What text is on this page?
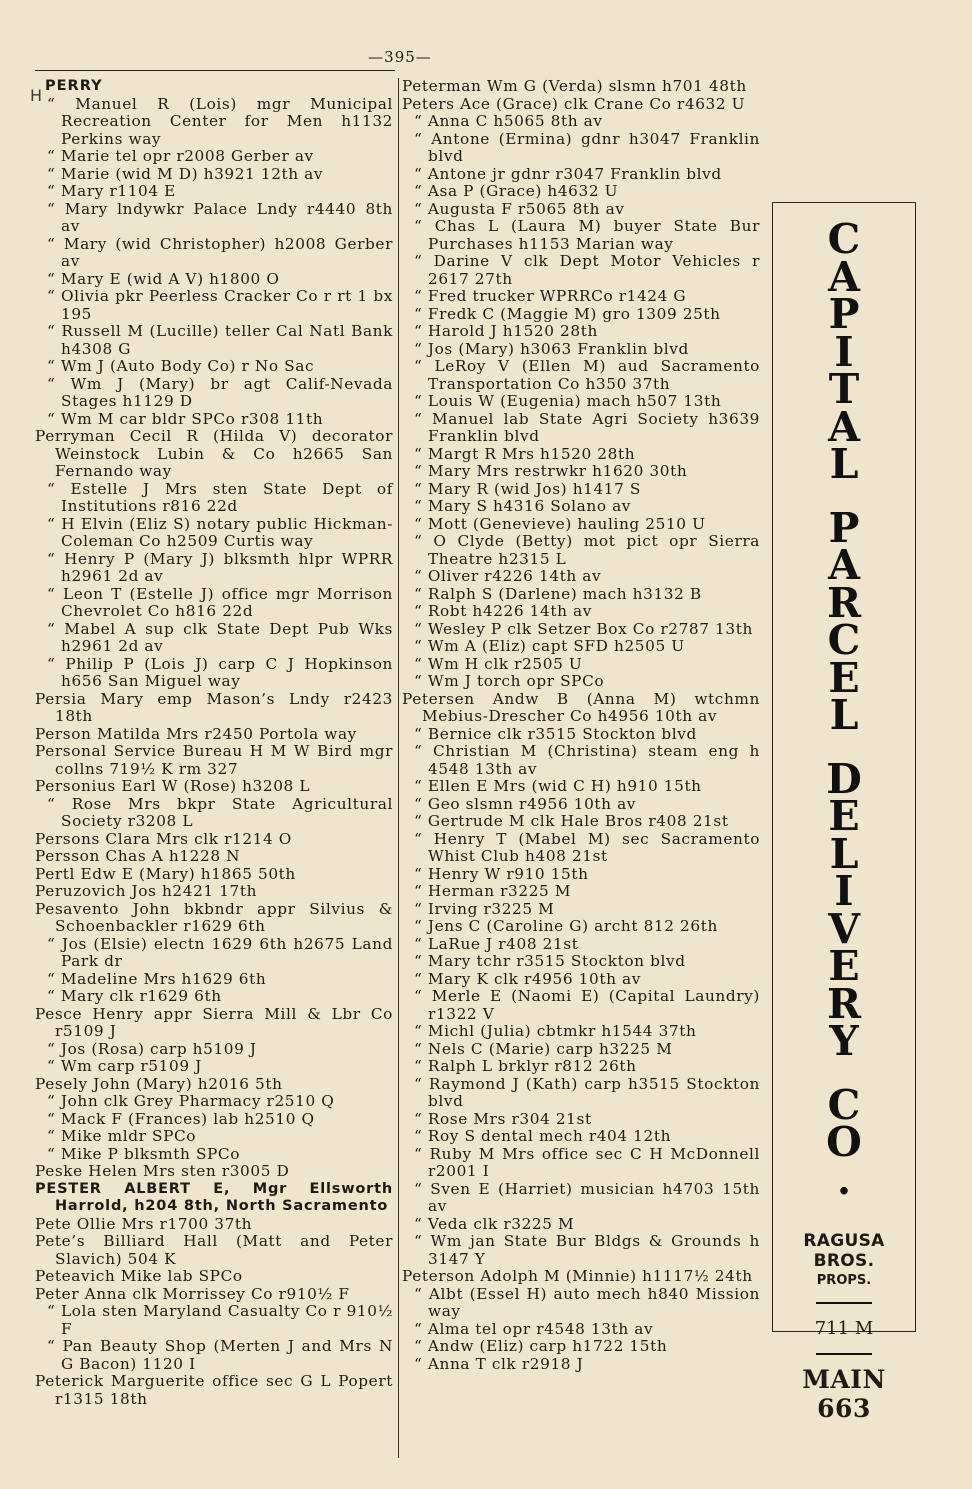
—395—
H PERRY
“ Manuel R (Lois) mgr Municipal Recreation Center for Men h1132 Perkins way
“ Marie tel opr r2008 Gerber av
“ Marie (wid M D) h3921 12th av
“ Mary r1104 E
“ Mary lndywkr Palace Lndy r4440 8th av
“ Mary (wid Christopher) h2008 Gerber av
“ Mary E (wid A V) h1800 O
“ Olivia pkr Peerless Cracker Co r rt 1 bx 195
“ Russell M (Lucille) teller Cal Natl Bank h4308 G
“ Wm J (Auto Body Co) r No Sac
“ Wm J (Mary) br agt Calif-Nevada Stages h1129 D
“ Wm M car bldr SPCo r308 11th
Perryman Cecil R (Hilda V) decorator Weinstock Lubin & Co h2665 San Fernando way
“ Estelle J Mrs sten State Dept of Institutions r816 22d
“ H Elvin (Eliz S) notary public Hickman-Coleman Co h2509 Curtis way
“ Henry P (Mary J) blksmth hlpr WPRR h2961 2d av
“ Leon T (Estelle J) office mgr Morrison Chevrolet Co h816 22d
“ Mabel A sup clk State Dept Pub Wks h2961 2d av
“ Philip P (Lois J) carp C J Hopkinson h656 San Miguel way
Persia Mary emp Mason’s Lndy r2423 18th
Person Matilda Mrs r2450 Portola way
Personal Service Bureau H M W Bird mgr collns 719½ K rm 327
Personius Earl W (Rose) h3208 L
“ Rose Mrs bkpr State Agricultural Society r3208 L
Persons Clara Mrs clk r1214 O
Persson Chas A h1228 N
Pertl Edw E (Mary) h1865 50th
Peruzovich Jos h2421 17th
Pesavento John bkbndr appr Silvius & Schoenbackler r1629 6th
“ Jos (Elsie) electn 1629 6th h2675 Land Park dr
“ Madeline Mrs h1629 6th
“ Mary clk r1629 6th
Pesce Henry appr Sierra Mill & Lbr Co r5109 J
“ Jos (Rosa) carp h5109 J
“ Wm carp r5109 J
Pesely John (Mary) h2016 5th
“ John clk Grey Pharmacy r2510 Q
“ Mack F (Frances) lab h2510 Q
“ Mike mldr SPCo
“ Mike P blksmth SPCo
Peske Helen Mrs sten r3005 D
PESTER ALBERT E, Mgr Ellsworth Harrold, h204 8th, North Sacramento
Pete Ollie Mrs r1700 37th
Pete’s Billiard Hall (Matt and Peter Slavich) 504 K
Peteavich Mike lab SPCo
Peter Anna clk Morrissey Co r910½ F
“ Lola sten Maryland Casualty Co r 910½ F
“ Pan Beauty Shop (Merten J and Mrs N G Bacon) 1120 I
Peterick Marguerite office sec G L Popert r1315 18th
Peterman Wm G (Verda) slsmn h701 48th
Peters Ace (Grace) clk Crane Co r4632 U
“ Anna C h5065 8th av
“ Antone (Ermina) gdnr h3047 Franklin blvd
“ Antone jr gdnr r3047 Franklin blvd
“ Asa P (Grace) h4632 U
“ Augusta F r5065 8th av
“ Chas L (Laura M) buyer State Bur Purchases h1153 Marian way
“ Darine V clk Dept Motor Vehicles r 2617 27th
“ Fred trucker WPRRCo r1424 G
“ Fredk C (Maggie M) gro 1309 25th
“ Harold J h1520 28th
“ Jos (Mary) h3063 Franklin blvd
“ LeRoy V (Ellen M) aud Sacramento Transportation Co h350 37th
“ Louis W (Eugenia) mach h507 13th
“ Manuel lab State Agri Society h3639 Franklin blvd
“ Margt R Mrs h1520 28th
“ Mary Mrs restrwkr h1620 30th
“ Mary R (wid Jos) h1417 S
“ Mary S h4316 Solano av
“ Mott (Genevieve) hauling 2510 U
“ O Clyde (Betty) mot pict opr Sierra Theatre h2315 L
“ Oliver r4226 14th av
“ Ralph S (Darlene) mach h3132 B
“ Robt h4226 14th av
“ Wesley P clk Setzer Box Co r2787 13th
“ Wm A (Eliz) capt SFD h2505 U
“ Wm H clk r2505 U
“ Wm J torch opr SPCo
Petersen Andw B (Anna M) wtchmn Mebius-Drescher Co h4956 10th av
“ Bernice clk r3515 Stockton blvd
“ Christian M (Christina) steam eng h 4548 13th av
“ Ellen E Mrs (wid C H) h910 15th
“ Geo slsmn r4956 10th av
“ Gertrude M clk Hale Bros r408 21st
“ Henry T (Mabel M) sec Sacramento Whist Club h408 21st
“ Henry W r910 15th
“ Herman r3225 M
“ Irving r3225 M
“ Jens C (Caroline G) archt 812 26th
“ LaRue J r408 21st
“ Mary tchr r3515 Stockton blvd
“ Mary K clk r4956 10th av
“ Merle E (Naomi E) (Capital Laundry) r1322 V
“ Michl (Julia) cbtmkr h1544 37th
“ Nels C (Marie) carp h3225 M
“ Ralph L brklyr r812 26th
“ Raymond J (Kath) carp h3515 Stockton blvd
“ Rose Mrs r304 21st
“ Roy S dental mech r404 12th
“ Ruby M Mrs office sec C H McDonnell r2001 I
“ Sven E (Harriet) musician h4703 15th av
“ Veda clk r3225 M
“ Wm jan State Bur Bldgs & Grounds h 3147 Y
Peterson Adolph M (Minnie) h1117½ 24th
“ Albt (Essel H) auto mech h840 Mission way
“ Alma tel opr r4548 13th av
“ Andw (Eliz) carp h1722 15th
“ Anna T clk r2918 J
C
A
P
I
T
A
L
P
A
R
C
E
L
D
E
L
I
V
E
R
Y
C
O
.
RAGUSA BROS.
PROPS.
711 M
MAIN 663
